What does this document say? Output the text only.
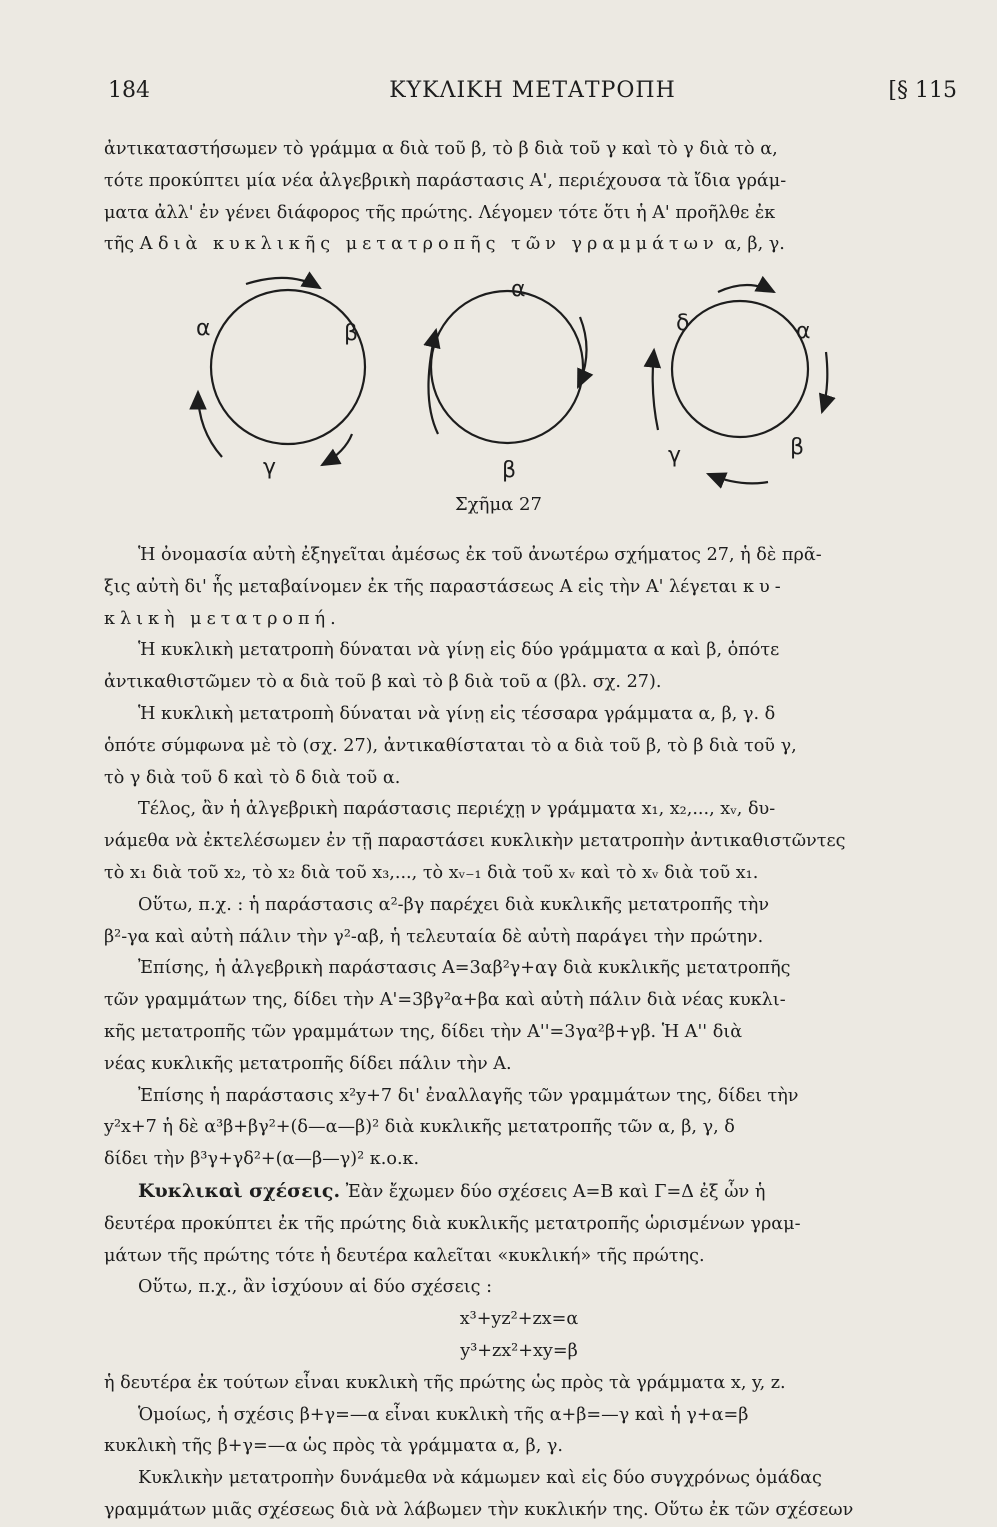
184	ΚΥΚΛΙΚΗ ΜΕΤΑΤΡΟΠΗ	[§ 115

ἀντικαταστήσωμεν τὸ γράμμα α διὰ τοῦ β, τὸ β διὰ τοῦ γ καὶ τὸ γ διὰ τὸ α,

τότε προκύπτει μία νέα ἀλγεβρικὴ παράστασις Α', περιέχουσα τὰ ἴδια γράμ-

ματα ἀλλ' ἐν γένει διάφορος τῆς πρώτης. Λέγομεν τότε ὅτι ἡ Α' προῆλθε ἐκ

τῆς Α διὰ κυκλικῆς μετατροπῆς τῶν γραμμάτων α, β, γ.

α	β
γ
α
β
δ	α
γ	β
Σχῆμα 27

Ἡ ὀνομασία αὐτὴ ἐξηγεῖται ἀμέσως ἐκ τοῦ ἀνωτέρω σχήματος 27, ἡ δὲ πρᾶ-

ξις αὐτὴ δι' ἧς μεταβαίνομεν ἐκ τῆς παραστάσεως Α εἰς τὴν Α' λέγεται κυ-

κλικὴ μετατροπή.

Ἡ κυκλικὴ μετατροπὴ δύναται νὰ γίνῃ εἰς δύο γράμματα α καὶ β, ὁπότε

ἀντικαθιστῶμεν τὸ α διὰ τοῦ β καὶ τὸ β διὰ τοῦ α (βλ. σχ. 27).

Ἡ κυκλικὴ μετατροπὴ δύναται νὰ γίνῃ εἰς τέσσαρα γράμματα α, β, γ. δ

ὁπότε σύμφωνα μὲ τὸ (σχ. 27), ἀντικαθίσταται τὸ α διὰ τοῦ β, τὸ β διὰ τοῦ γ,

τὸ γ διὰ τοῦ δ καὶ τὸ δ διὰ τοῦ α.

Τέλος, ἂν ἡ ἀλγεβρικὴ παράστασις περιέχῃ ν γράμματα x₁, x₂,..., xᵥ, δυ-

νάμεθα νὰ ἐκτελέσωμεν ἐν τῇ παραστάσει κυκλικὴν μετατροπὴν ἀντικαθιστῶντες

τὸ x₁ διὰ τοῦ x₂, τὸ x₂ διὰ τοῦ x₃,..., τὸ xᵥ₋₁ διὰ τοῦ xᵥ καὶ τὸ xᵥ διὰ τοῦ x₁.

Οὕτω, π.χ. : ἡ παράστασις α²-βγ παρέχει διὰ κυκλικῆς μετατροπῆς τὴν

β²-γα καὶ αὐτὴ πάλιν τὴν γ²-αβ, ἡ τελευταία δὲ αὐτὴ παράγει τὴν πρώτην.

Ἐπίσης, ἡ ἀλγεβρικὴ παράστασις Α=3αβ²γ+αγ διὰ κυκλικῆς μετατροπῆς

τῶν γραμμάτων της, δίδει τὴν Α'=3βγ²α+βα καὶ αὐτὴ πάλιν διὰ νέας κυκλι-

κῆς μετατροπῆς τῶν γραμμάτων της, δίδει τὴν Α''=3γα²β+γβ. Ἡ Α'' διὰ

νέας κυκλικῆς μετατροπῆς δίδει πάλιν τὴν Α.

Ἐπίσης ἡ παράστασις x²y+7 δι' ἐναλλαγῆς τῶν γραμμάτων της, δίδει τὴν

y²x+7 ἡ δὲ α³β+βγ²+(δ—α—β)² διὰ κυκλικῆς μετατροπῆς τῶν α, β, γ, δ

δίδει τὴν β³γ+γδ²+(α—β—γ)² κ.ο.κ.

Κυκλικαὶ σχέσεις. Ἐὰν ἔχωμεν δύο σχέσεις Α=Β καὶ Γ=Δ ἐξ ὧν ἡ

δευτέρα προκύπτει ἐκ τῆς πρώτης διὰ κυκλικῆς μετατροπῆς ὡρισμένων γραμ-

μάτων τῆς πρώτης τότε ἡ δευτέρα καλεῖται «κυκλική» τῆς πρώτης.

Οὕτω, π.χ., ἂν ἰσχύουν αἱ δύο σχέσεις :

x³+yz²+zx=α

y³+zx²+xy=β

ἡ δευτέρα ἐκ τούτων εἶναι κυκλικὴ τῆς πρώτης ὡς πρὸς τὰ γράμματα x, y, z.

Ὁμοίως, ἡ σχέσις β+γ=—α εἶναι κυκλικὴ τῆς α+β=—γ καὶ ἡ γ+α=β

κυκλικὴ τῆς β+γ=—α ὡς πρὸς τὰ γράμματα α, β, γ.

Κυκλικὴν μετατροπὴν δυνάμεθα νὰ κάμωμεν καὶ εἰς δύο συγχρόνως ὁμάδας

γραμμάτων μιᾶς σχέσεως διὰ νὰ λάβωμεν τὴν κυκλικήν της. Οὕτω ἐκ τῶν σχέσεων
